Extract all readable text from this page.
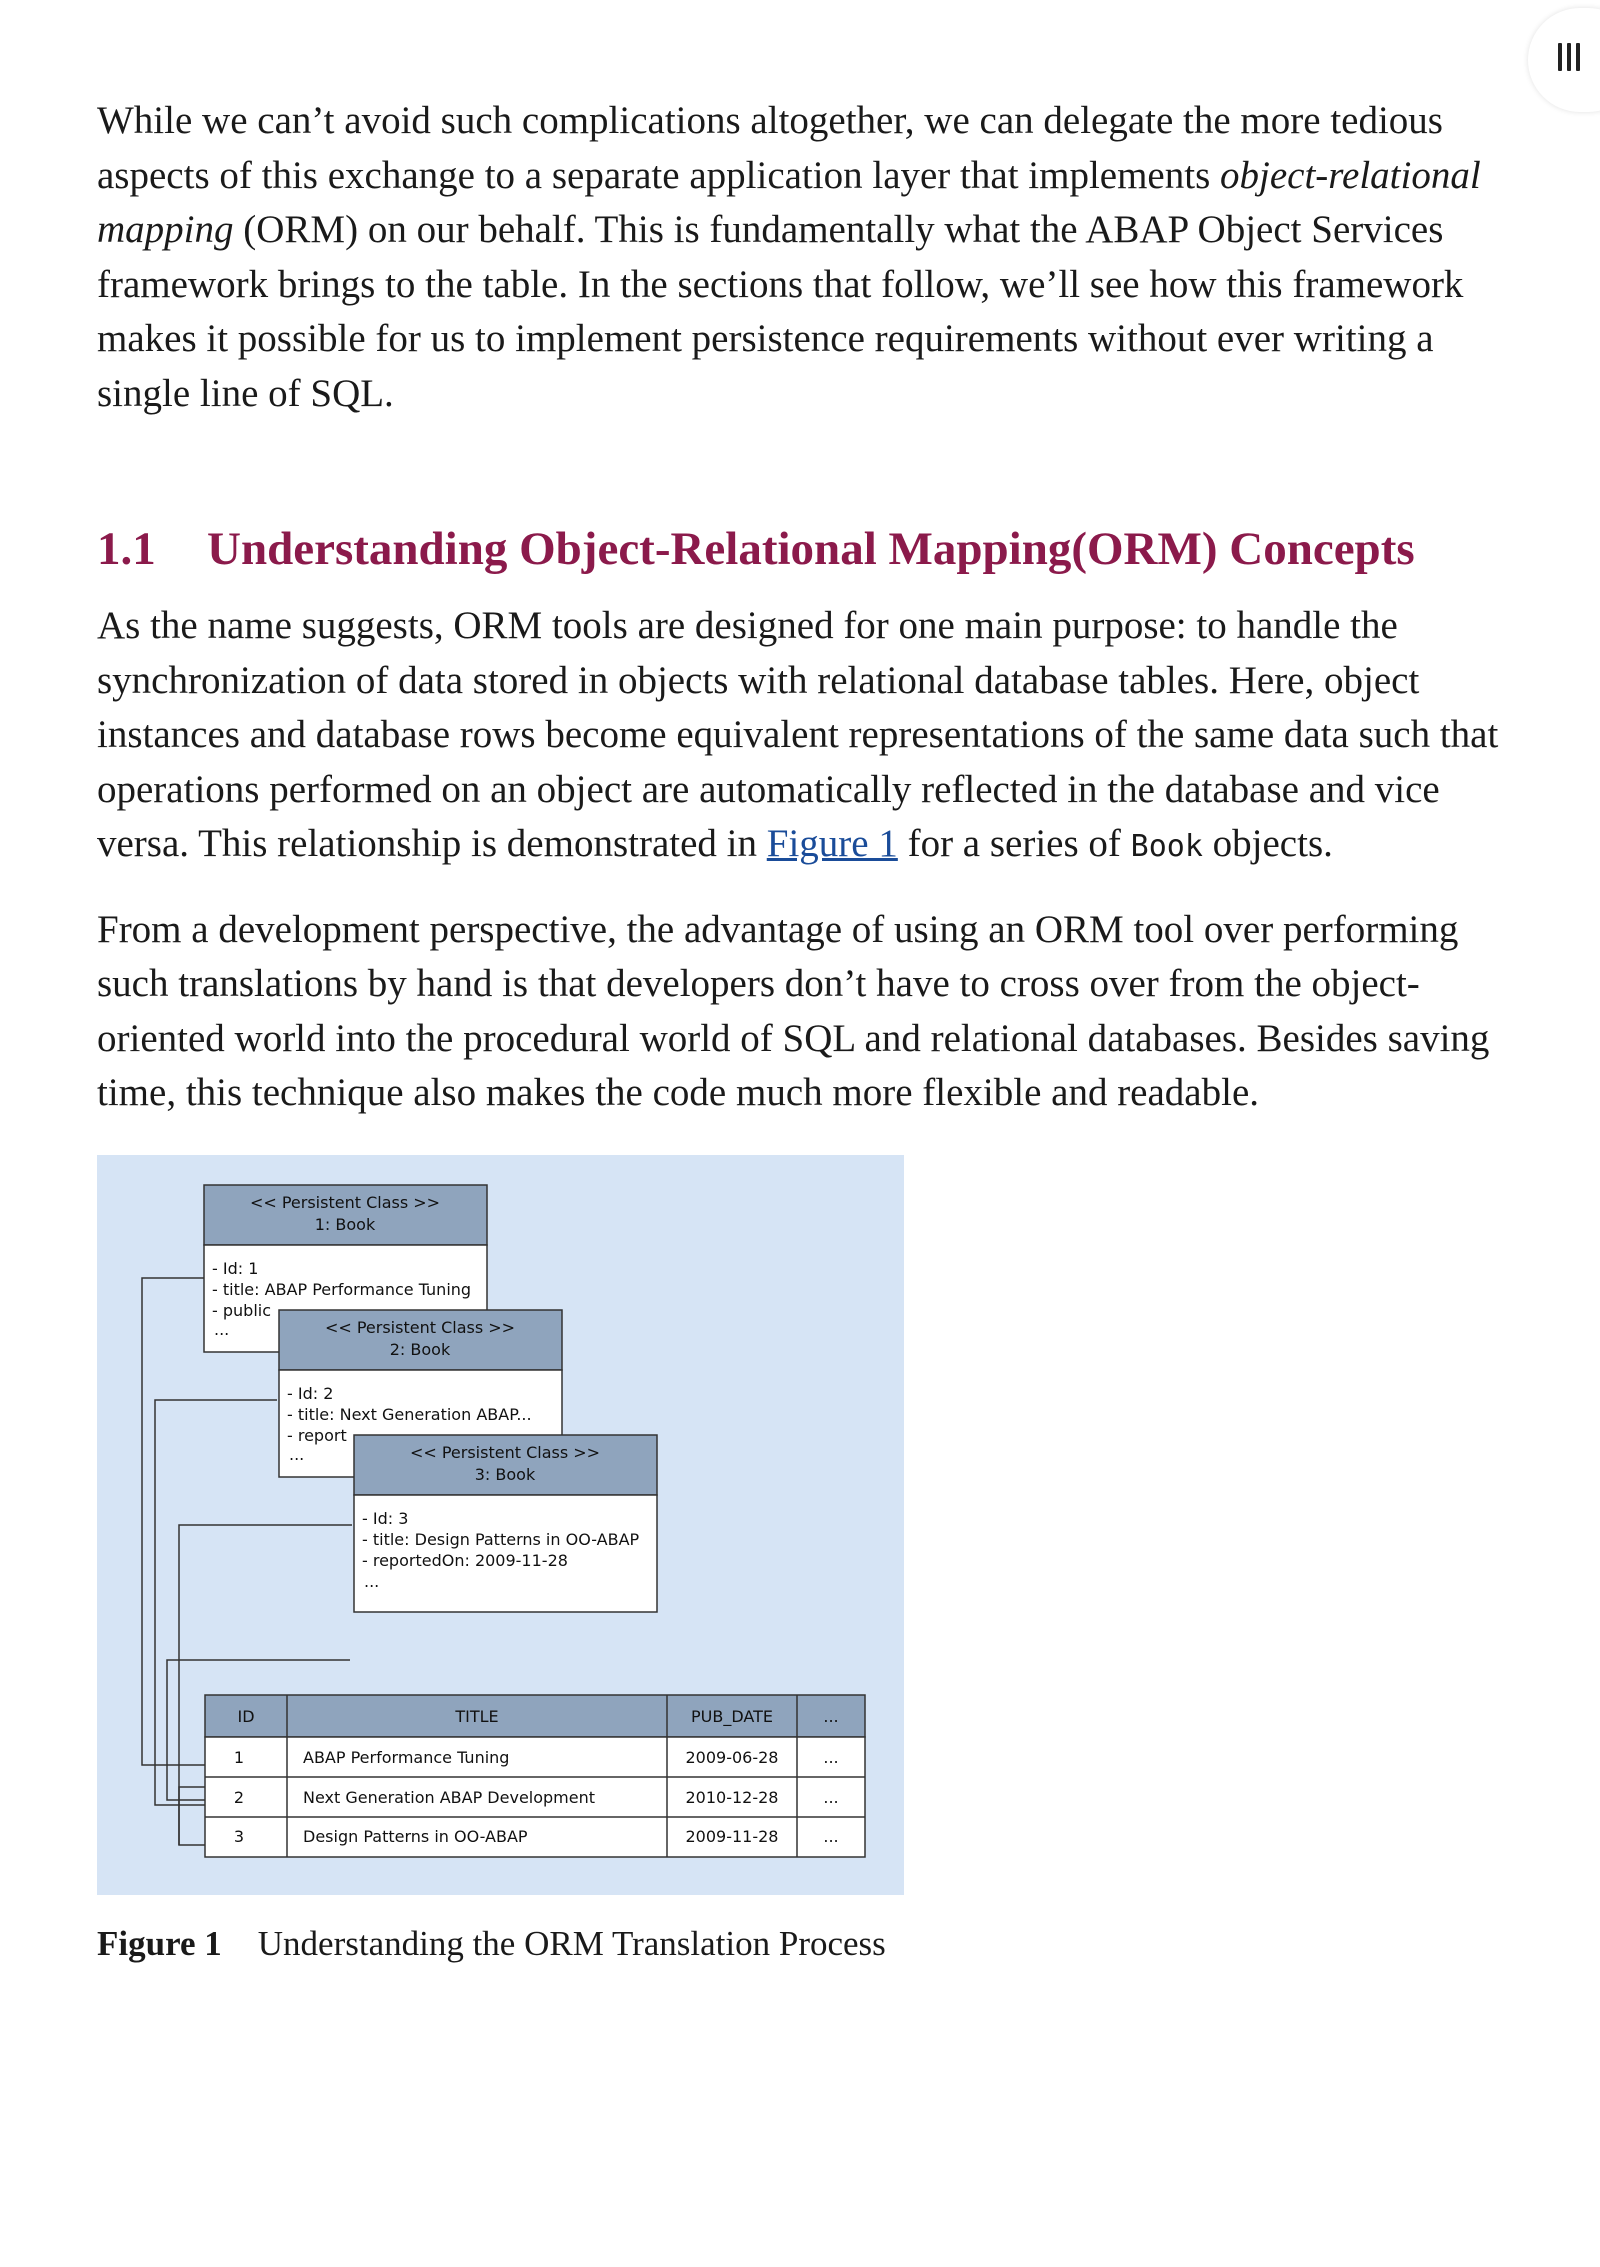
While we can’t avoid such complications altogether, we can delegate the more tedious aspects of this exchange to a separate application layer that implements object-relational mapping (ORM) on our behalf. This is fundamentally what the ABAP Object Services framework brings to the table. In the sections that follow, we’ll see how this framework makes it possible for us to implement persistence requirements without ever writing a single line of SQL.

1.1 Understanding Object-Relational Mapping(ORM) Concepts

As the name suggests, ORM tools are designed for one main purpose: to handle the synchronization of data stored in objects with relational database tables. Here, object instances and database rows become equivalent representations of the same data such that operations performed on an object are automatically reflected in the database and vice versa. This relationship is demonstrated in Figure 1 for a series of Book objects.

From a development perspective, the advantage of using an ORM tool over performing such translations by hand is that developers don’t have to cross over from the object-oriented world into the procedural world of SQL and relational databases. Besides saving time, this technique also makes the code much more flexible and readable.

<< Persistent Class >>
1: Book
- Id: 1
- title: ABAP Performance Tuning
- public
...	<< Persistent Class >>
2: Book
- Id: 2
- title: Next Generation ABAP...
- report
...	<< Persistent Class >>
3: Book
- Id: 3
- title: Design Patterns in OO-ABAP
- reportedOn: 2009-11-28
...
ID	TITLE	PUB_DATE	...
1	ABAP Performance Tuning	2009-06-28	...
2	Next Generation ABAP Development	2010-12-28	...
3	Design Patterns in OO-ABAP	2009-11-28	...
Figure 1 Understanding the ORM Translation Process
